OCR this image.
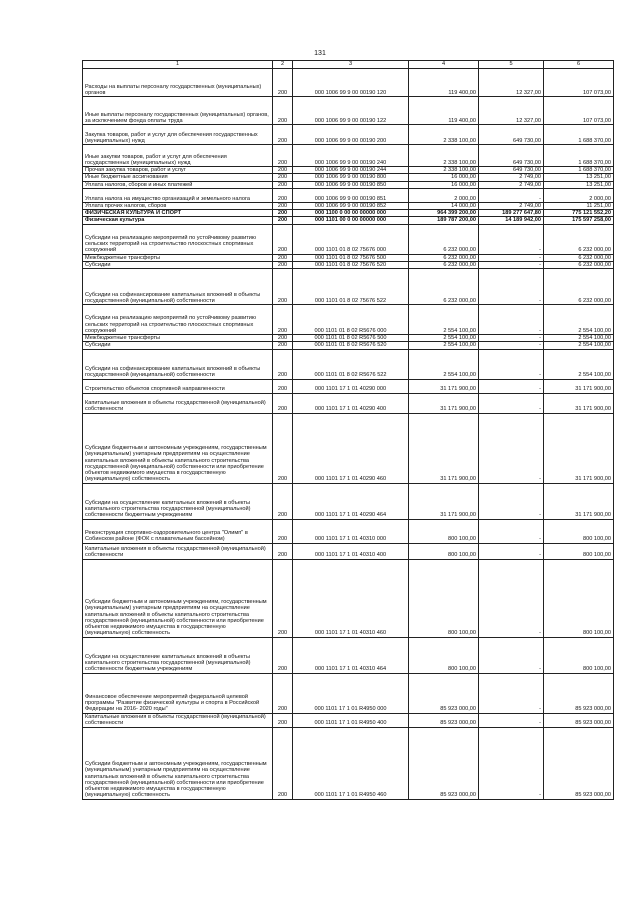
131
1	2	3	4	5	6
Расходы на выплаты персоналу государственных (муниципальных) органов	200	000 1006 99 9 00 00190 120	119 400,00	12 327,00	107 073,00
Иные выплаты персоналу государственных (муниципальных) органов, за исключением фонда оплаты труда	200	000 1006 99 9 00 00190 122	119 400,00	12 327,00	107 073,00
Закупка товаров, работ и услуг для обеспечения государственных (муниципальных) нужд	200	000 1006 99 9 00 00190 200	2 338 100,00	649 730,00	1 688 370,00
Иные закупки товаров, работ и услуг для обеспечения государственных (муниципальных) нужд	200	000 1006 99 9 00 00190 240	2 338 100,00	649 730,00	1 688 370,00
Прочая закупка товаров, работ и услуг	200	000 1006 99 9 00 00190 244	2 338 100,00	649 730,00	1 688 370,00
Иные бюджетные ассигнования	200	000 1006 99 9 00 00190 800	16 000,00	2 749,00	13 251,00
Уплата налогов, сборов и иных платежей	200	000 1006 99 9 00 00190 850	16 000,00	2 749,00	13 251,00
Уплата налога на имущество организаций и земельного налога	200	000 1006 99 9 00 00190 851	2 000,00	-	2 000,00
Уплата прочих налогов, сборов	200	000 1006 99 9 00 00190 852	14 000,00	2 749,00	11 251,00
ФИЗИЧЕСКАЯ КУЛЬТУРА И СПОРТ	200	000 1100 0 00 00 00000 000	964 399 200,00	189 277 647,80	775 121 552,20
Физическая культура	200	000 1101 00 0 00 00000 000	189 787 200,00	14 189 942,00	175 597 258,00
Субсидии на реализацию мероприятий по устойчивому развитию сельских территорий на строительство плоскостных спортивных сооружений	200	000 1101 01 8 02 75676 000	6 232 000,00	-	6 232 000,00
Межбюджетные трансферты	200	000 1101 01 8 02 75676 500	6 232 000,00	-	6 232 000,00
Субсидии	200	000 1101 01 8 02 75676 520	6 232 000,00	-	6 232 000,00
Субсидии на софинансирование капитальных вложений в объекты государственной (муниципальной) собственности	200	000 1101 01 8 02 75676 522	6 232 000,00	-	6 232 000,00
Субсидии на реализацию мероприятий по устойчивому развитию сельских территорий на строительство плоскостных спортивных сооружений	200	000 1101 01 8 02 R5676 000	2 554 100,00	-	2 554 100,00
Межбюджетные трансферты	200	000 1101 01 8 02 R5676 500	2 554 100,00	-	2 554 100,00
Субсидии	200	000 1101 01 8 02 R5676 520	2 554 100,00	-	2 554 100,00
Субсидии на софинансирование капитальных вложений в объекты государственной (муниципальной) собственности	200	000 1101 01 8 02 R5676 522	2 554 100,00	-	2 554 100,00
Строительство объектов спортивной направленности	200	000 1101 17 1 01 40290 000	31 171 900,00	-	31 171 900,00
Капитальные вложения в объекты государственной (муниципальной) собственности	200	000 1101 17 1 01 40290 400	31 171 900,00	-	31 171 900,00
Субсидии бюджетным и автономным учреждениям, государственным (муниципальным) унитарным предприятиям на осуществление капитальных вложений в объекты капитального строительства государственной (муниципальной) собственности или приобретение объектов недвижимого имущества в государственную (муниципальную) собственность	200	000 1101 17 1 01 40290 460	31 171 900,00	-	31 171 900,00
Субсидии на осуществление капитальных вложений в объекты капитального строительства государственной (муниципальной) собственности бюджетным учреждениям	200	000 1101 17 1 01 40290 464	31 171 900,00	-	31 171 900,00
Реконструкция спортивно-оздоровительного центра "Олимп" в Собинском районе (ФОК с плавательным бассейном)	200	000 1101 17 1 01 40310 000	800 100,00	-	800 100,00
Капитальные вложения в объекты государственной (муниципальной) собственности	200	000 1101 17 1 01 40310 400	800 100,00	-	800 100,00
Субсидии бюджетным и автономным учреждениям, государственным (муниципальным) унитарным предприятиям на осуществление капитальных вложений в объекты капитального строительства государственной (муниципальной) собственности или приобретение объектов недвижимого имущества в государственную (муниципальную) собственность	200	000 1101 17 1 01 40310 460	800 100,00	-	800 100,00
Субсидии на осуществление капитальных вложений в объекты капитального строительства государственной (муниципальной) собственности бюджетным учреждениям	200	000 1101 17 1 01 40310 464	800 100,00	-	800 100,00
Финансовое обеспечение мероприятий федеральной целевой программы "Развитие физической культуры и спорта в Российской Федерации на 2016- 2020 годы"	200	000 1101 17 1 01 R4950 000	85 923 000,00	-	85 923 000,00
Капитальные вложения в объекты государственной (муниципальной) собственности	200	000 1101 17 1 01 R4950 400	85 923 000,00	-	85 923 000,00
Субсидии бюджетным и автономным учреждениям, государственным (муниципальным) унитарным предприятиям на осуществление капитальных вложений в объекты капитального строительства государственной (муниципальной) собственности или приобретение объектов недвижимого имущества в государственную (муниципальную) собственность	200	000 1101 17 1 01 R4950 460	85 923 000,00	-	85 923 000,00
